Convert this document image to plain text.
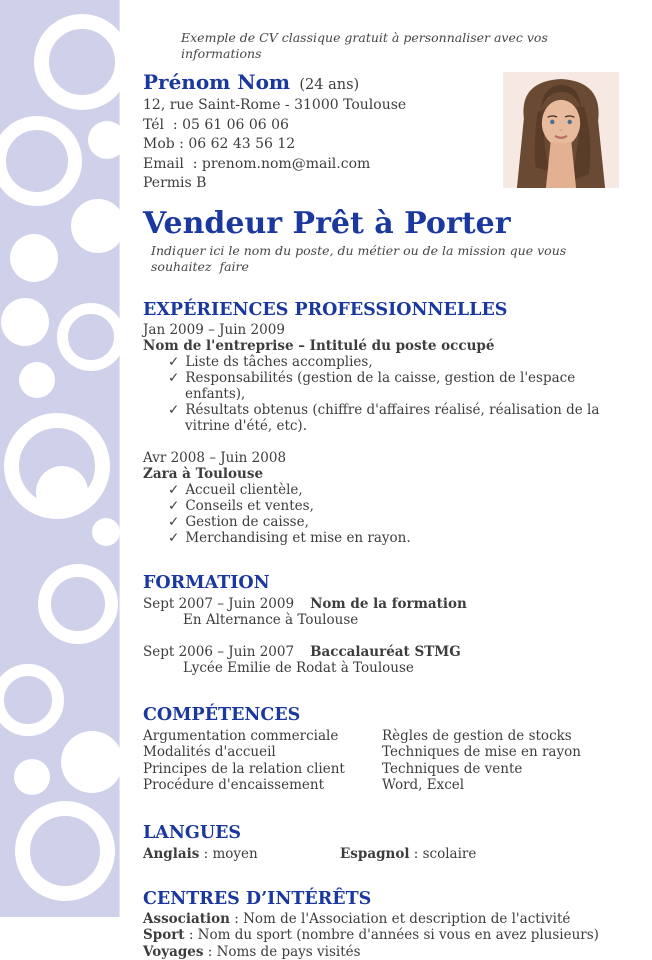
Exemple de CV classique gratuit à personnaliser avec vos informations
Prénom Nom (24 ans)
12, rue Saint-Rome - 31000 Toulouse
Tél  : 05 61 06 06 06
Mob : 06 62 43 56 12
Email  : prenom.nom@mail.com
Permis B
Vendeur Prêt à Porter
Indiquer ici le nom du poste, du métier ou de la mission que vous souhaitez  faire
EXPÉRIENCES PROFESSIONNELLES
Jan 2009 – Juin 2009
Nom de l'entreprise – Intitulé du poste occupé
✓ Liste ds tâches accomplies,
✓ Responsabilités (gestion de la caisse, gestion de l'espace enfants),
✓ Résultats obtenus (chiffre d'affaires réalisé, réalisation de la vitrine d'été, etc).
Avr 2008 – Juin 2008
Zara à Toulouse
✓ Accueil clientèle,
✓ Conseils et ventes,
✓ Gestion de caisse,
✓ Merchandising et mise en rayon.
FORMATION
Sept 2007 – Juin 2009 Nom de la formation
En Alternance à Toulouse
Sept 2006 – Juin 2007 Baccalauréat STMG
Lycée Emilie de Rodat à Toulouse
COMPÉTENCES
Argumentation commerciale	Règles de gestion de stocks
Modalités d'accueil	Techniques de mise en rayon
Principes de la relation client	Techniques de vente
Procédure d'encaissement	Word, Excel
LANGUES
Anglais : moyen	Espagnol : scolaire
CENTRES D’INTÉRÊTS
Association : Nom de l'Association et description de l'activité
Sport : Nom du sport (nombre d'années si vous en avez plusieurs)
Voyages : Noms de pays visités
